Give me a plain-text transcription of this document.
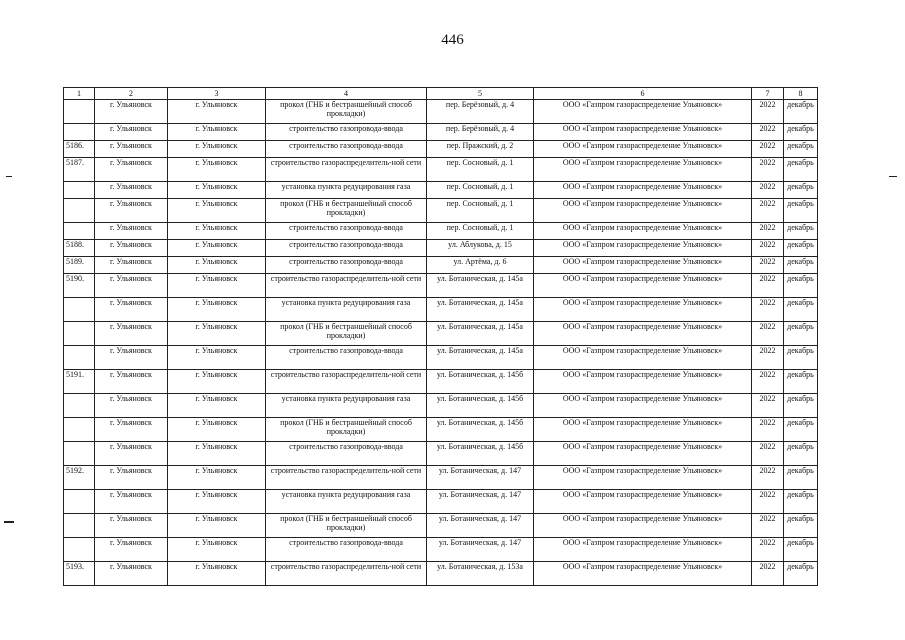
446
1	2	3	4	5	6	7	8
	г. Ульяновск	г. Ульяновск	прокол (ГНБ и бестраншейный способ прокладки)	пер. Берёзовый, д. 4	ООО «Газпром газораспределение Ульяновск»	2022	декабрь
	г. Ульяновск	г. Ульяновск	строительство газопровода-ввода	пер. Берёзовый, д. 4	ООО «Газпром газораспределение Ульяновск»	2022	декабрь
5186.	г. Ульяновск	г. Ульяновск	строительство газопровода-ввода	пер. Пражский, д. 2	ООО «Газпром газораспределение Ульяновск»	2022	декабрь
5187.	г. Ульяновск	г. Ульяновск	строительство газораспределитель-ной сети	пер. Сосновый, д. 1	ООО «Газпром газораспределение Ульяновск»	2022	декабрь
	г. Ульяновск	г. Ульяновск	установка пункта редуцирования газа	пер. Сосновый, д. 1	ООО «Газпром газораспределение Ульяновск»	2022	декабрь
	г. Ульяновск	г. Ульяновск	прокол (ГНБ и бестраншейный способ прокладки)	пер. Сосновый, д. 1	ООО «Газпром газораспределение Ульяновск»	2022	декабрь
	г. Ульяновск	г. Ульяновск	строительство газопровода-ввода	пер. Сосновый, д. 1	ООО «Газпром газораспределение Ульяновск»	2022	декабрь
5188.	г. Ульяновск	г. Ульяновск	строительство газопровода-ввода	ул. Аблукова, д. 15	ООО «Газпром газораспределение Ульяновск»	2022	декабрь
5189.	г. Ульяновск	г. Ульяновск	строительство газопровода-ввода	ул. Артёма, д. 6	ООО «Газпром газораспределение Ульяновск»	2022	декабрь
5190.	г. Ульяновск	г. Ульяновск	строительство газораспределитель-ной сети	ул. Ботаническая, д. 145а	ООО «Газпром газораспределение Ульяновск»	2022	декабрь
	г. Ульяновск	г. Ульяновск	установка пункта редуцирования газа	ул. Ботаническая, д. 145а	ООО «Газпром газораспределение Ульяновск»	2022	декабрь
	г. Ульяновск	г. Ульяновск	прокол (ГНБ и бестраншейный способ прокладки)	ул. Ботаническая, д. 145а	ООО «Газпром газораспределение Ульяновск»	2022	декабрь
	г. Ульяновск	г. Ульяновск	строительство газопровода-ввода	ул. Ботаническая, д. 145а	ООО «Газпром газораспределение Ульяновск»	2022	декабрь
5191.	г. Ульяновск	г. Ульяновск	строительство газораспределитель-ной сети	ул. Ботаническая, д. 145б	ООО «Газпром газораспределение Ульяновск»	2022	декабрь
	г. Ульяновск	г. Ульяновск	установка пункта редуцирования газа	ул. Ботаническая, д. 145б	ООО «Газпром газораспределение Ульяновск»	2022	декабрь
	г. Ульяновск	г. Ульяновск	прокол (ГНБ и бестраншейный способ прокладки)	ул. Ботаническая, д. 145б	ООО «Газпром газораспределение Ульяновск»	2022	декабрь
	г. Ульяновск	г. Ульяновск	строительство газопровода-ввода	ул. Ботаническая, д. 145б	ООО «Газпром газораспределение Ульяновск»	2022	декабрь
5192.	г. Ульяновск	г. Ульяновск	строительство газораспределитель-ной сети	ул. Ботаническая, д. 147	ООО «Газпром газораспределение Ульяновск»	2022	декабрь
	г. Ульяновск	г. Ульяновск	установка пункта редуцирования газа	ул. Ботаническая, д. 147	ООО «Газпром газораспределение Ульяновск»	2022	декабрь
	г. Ульяновск	г. Ульяновск	прокол (ГНБ и бестраншейный способ прокладки)	ул. Ботаническая, д. 147	ООО «Газпром газораспределение Ульяновск»	2022	декабрь
	г. Ульяновск	г. Ульяновск	строительство газопровода-ввода	ул. Ботаническая, д. 147	ООО «Газпром газораспределение Ульяновск»	2022	декабрь
5193.	г. Ульяновск	г. Ульяновск	строительство газораспределитель-ной сети	ул. Ботаническая, д. 153а	ООО «Газпром газораспределение Ульяновск»	2022	декабрь
